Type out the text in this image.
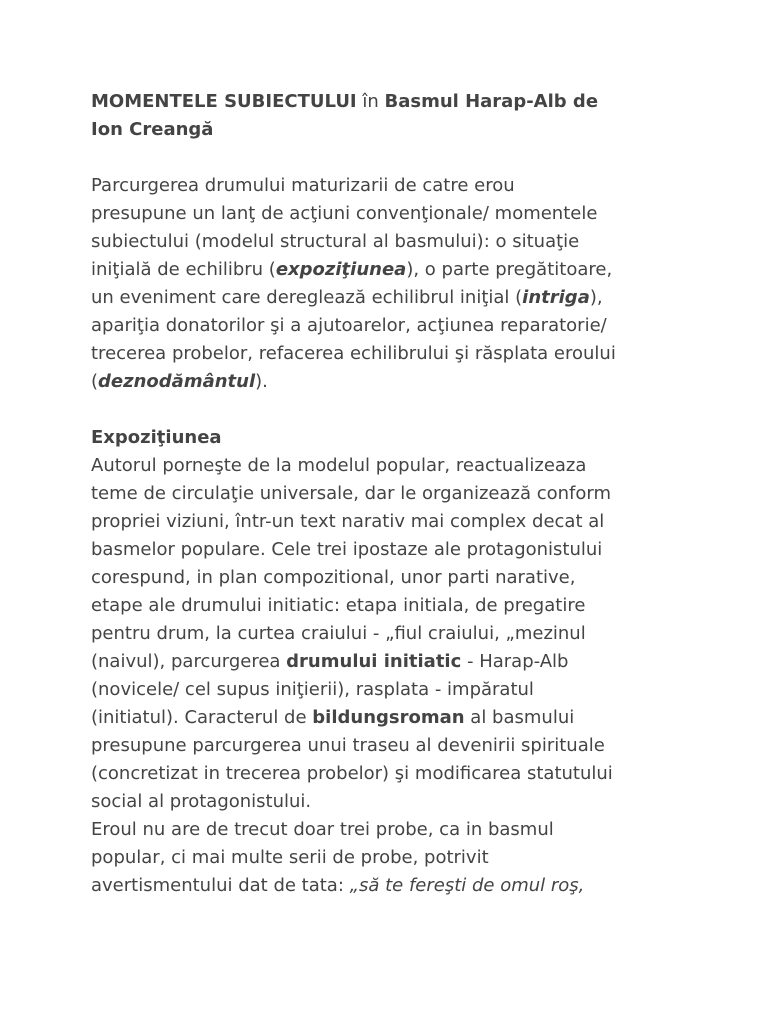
MOMENTELE SUBIECTULUI în Basmul Harap-Alb de
Ion Creangă
Parcurgerea drumului maturizarii de catre erou
presupune un lanţ de acţiuni convenţionale/ momentele
subiectului (modelul structural al basmului): o situaţie
iniţială de echilibru (expoziţiunea), o parte pregătitoare,
un eveniment care dereglează echilibrul iniţial (intriga),
apariţia donatorilor şi a ajutoarelor, acţiunea reparatorie/
trecerea probelor, refacerea echilibrului şi răsplata eroului
(deznodământul).
Expoziţiunea
Autorul porneşte de la modelul popular, reactualizeaza
teme de circulaţie universale, dar le organizează conform
propriei viziuni, într-un text narativ mai complex decat al
basmelor populare. Cele trei ipostaze ale protagonistului
corespund, in plan compozitional, unor parti narative,
etape ale drumului initiatic: etapa initiala, de pregatire
pentru drum, la curtea craiului - „fiul craiului, „mezinul
(naivul), parcurgerea drumului initiatic - Harap-Alb
(novicele/ cel supus iniţierii), rasplata - impăratul
(initiatul). Caracterul de bildungsroman al basmului
presupune parcurgerea unui traseu al devenirii spirituale
(concretizat in trecerea probelor) şi modificarea statutului
social al protagonistului.
Eroul nu are de trecut doar trei probe, ca in basmul
popular, ci mai multe serii de probe, potrivit
avertismentului dat de tata: „să te fereşti de omul roş,
